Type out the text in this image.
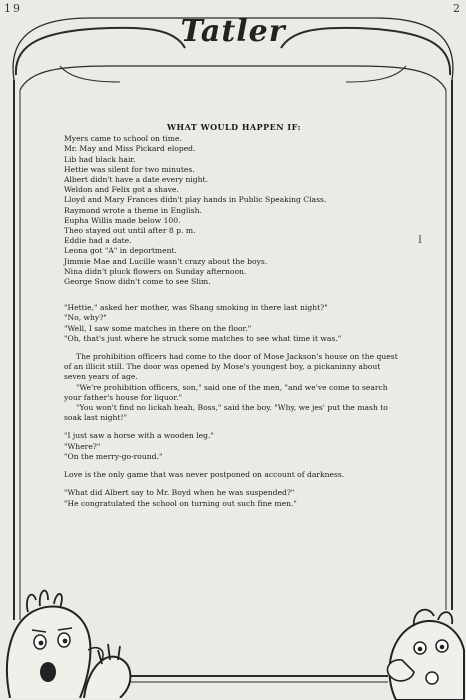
19	2
Tatler
WHAT WOULD HAPPEN IF:
Myers came to school on time.
Mr. May and Miss Pickard eloped.
Lib had black hair.
Hettie was silent for two minutes.
Albert didn't have a date every night.
Weldon and Felix got a shave.
Lloyd and Mary Frances didn't play hands in Public Speaking Class.
Raymond wrote a theme in English.
Eupha Willis made below 100.
Theo stayed out until after 8 p. m.
Eddie had a date.
Leona got "A" in deportment.
Jimmie Mae and Lucille wasn't crazy about the boys.
Nina didn't pluck flowers on Sunday afternoon.
George Snow didn't come to see Slim.

"Hettie," asked her mother, was Shang smoking in there last night?"

"No, why?"

"Well, I saw some matches in there on the floor."

"Oh, that's just where he struck some matches to see what time it was."

The prohibition officers had come to the door of Mose Jackson's house on the quest of an illicit still. The door was opened by Mose's youngest boy, a pickaninny about seven years of age.

"We're prohibition officers, son," said one of the men, "and we've come to search your father's house for liquor."

"You won't find no lickah heah, Boss," said the boy. "Why, we jes' put the mash to soak last night!"

"I just saw a horse with a wooden leg."

"Where?"

"On the merry-go-round."

Love is the only game that was never postponed on account of darkness.

"What did Albert say to Mr. Boyd when he was suspended?"

"He congratulated the school on turning out such fine men."

I
